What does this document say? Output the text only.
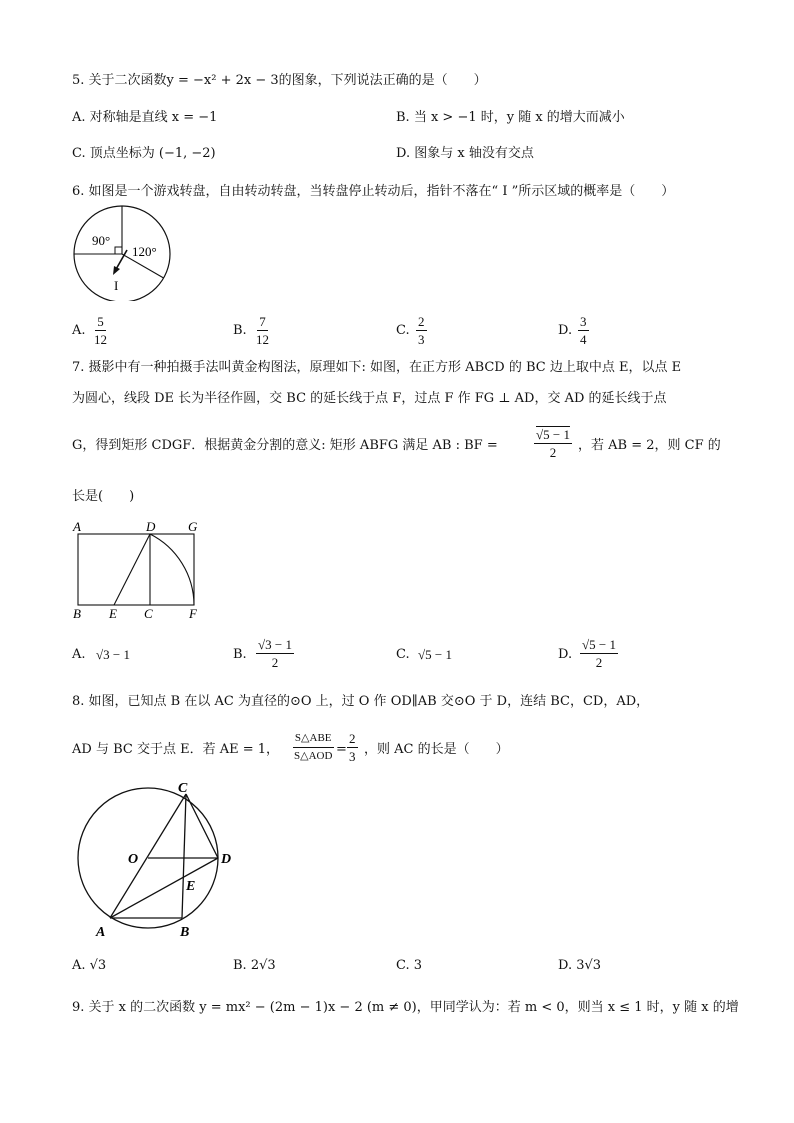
5. 关于二次函数y = −x² + 2x − 3的图象，下列说法正确的是（　　）
A. 对称轴是直线 x = −1	B. 当 x > −1 时，y 随 x 的增大而减小
C. 顶点坐标为 (−1, −2)	D. 图象与 x 轴没有交点
6. 如图是一个游戏转盘，自由转动转盘，当转盘停止转动后，指针不落在“ I ”所示区域的概率是（　　）
90°
120°
I
A. $\frac{5}{12}$	B. $\frac{7}{12}$	C. $\frac{2}{3}$	D. $\frac{3}{4}$
7. 摄影中有一种拍摄手法叫黄金构图法，原理如下: 如图，在正方形 ABCD 的 BC 边上取中点 E，以点 E
为圆心，线段 DE 长为半径作圆，交 BC 的延长线于点 F，过点 F 作 FG ⊥ AD，交 AD 的延长线于点
G，得到矩形 CDGF．根据黄金分割的意义: 矩形 ABFG 满足 AB : BF =	$\frac{√5 - 1}{2}$ ，若 AB = 2，则 CF 的
长是(　　)
A	D	G
B E C	F
A. √3 − 1	B. $\frac{√3 - 1}{2}$	C. √5 − 1	D. $\frac{√5 - 1}{2}$
8. 如图，已知点 B 在以 AC 为直径的⊙O 上，过 O 作 OD∥AB 交⊙O 于 D，连结 BC，CD，AD，
AD 与 BC 交于点 E．若 AE = 1，
S△ABE
S△AOD = $\frac{2}{3}$ ，则 AC 的长是（　　）
C
O	D
E
A	B
A. √3	B. 2√3	C. 3	D. 3√3
9. 关于 x 的二次函数 y = mx² − (2m − 1)x − 2 (m ≠ 0)，甲同学认为：若 m < 0，则当 x ≤ 1 时，y 随 x 的增
